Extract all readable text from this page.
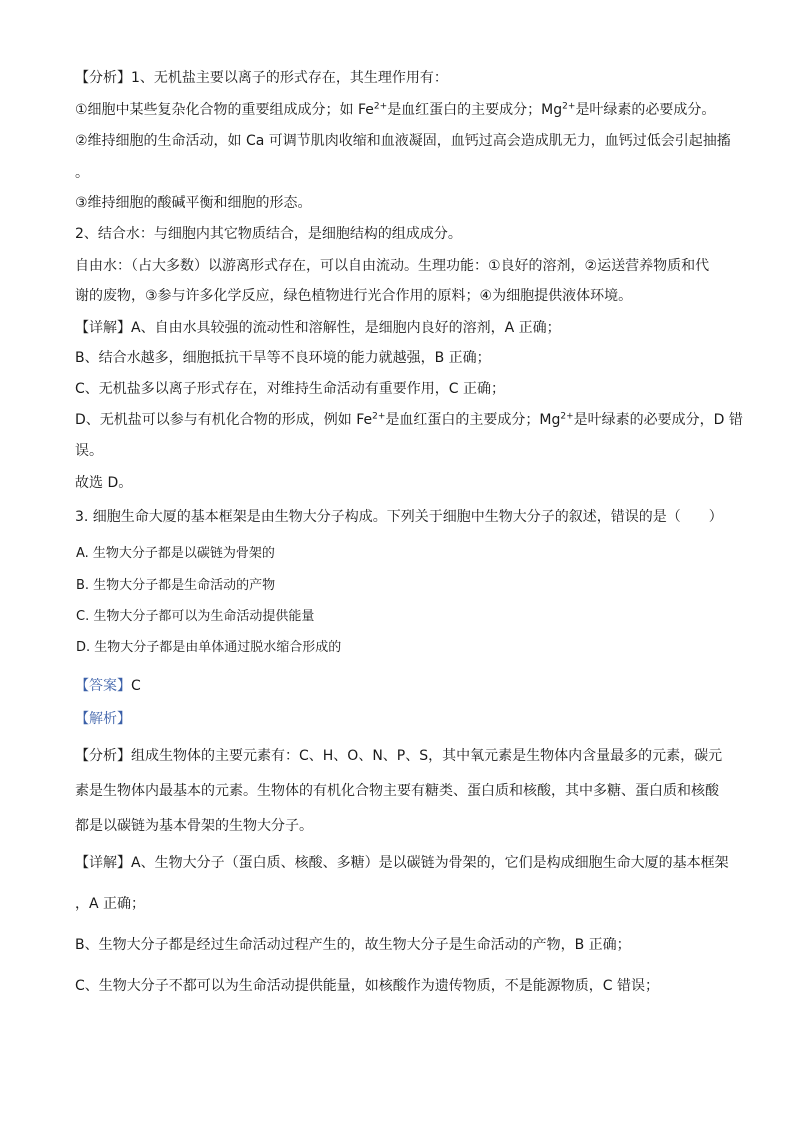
【分析】1、无机盐主要以离子的形式存在，其生理作用有：
①细胞中某些复杂化合物的重要组成成分；如 $Fe^{2+}$是血红蛋白的主要成分；$Mg^{2+}$是叶绿素的必要成分。
②维持细胞的生命活动，如 Ca 可调节肌肉收缩和血液凝固，血钙过高会造成肌无力，血钙过低会引起抽搐
。
③维持细胞的酸碱平衡和细胞的形态。
2、结合水：与细胞内其它物质结合，是细胞结构的组成成分。
自由水：（占大多数）以游离形式存在，可以自由流动。生理功能：①良好的溶剂，②运送营养物质和代
谢的废物，③参与许多化学反应，绿色植物进行光合作用的原料；④为细胞提供液体环境。
【详解】A、自由水具较强的流动性和溶解性，是细胞内良好的溶剂，A 正确；
B、结合水越多，细胞抵抗干旱等不良环境的能力就越强，B 正确；
C、无机盐多以离子形式存在，对维持生命活动有重要作用，C 正确；
D、无机盐可以参与有机化合物的形成，例如 $Fe^{2+}$是血红蛋白的主要成分；$Mg^{2+}$是叶绿素的必要成分，D 错
误。
故选 D。
3. 细胞生命大厦的基本框架是由生物大分子构成。下列关于细胞中生物大分子的叙述，错误的是（　　）
A. 生物大分子都是以碳链为骨架的
B. 生物大分子都是生命活动的产物
C. 生物大分子都可以为生命活动提供能量
D. 生物大分子都是由单体通过脱水缩合形成的
【答案】C
【解析】
【分析】组成生物体的主要元素有：C、H、O、N、P、S，其中氧元素是生物体内含量最多的元素，碳元
素是生物体内最基本的元素。生物体的有机化合物主要有糖类、蛋白质和核酸，其中多糖、蛋白质和核酸
都是以碳链为基本骨架的生物大分子。
【详解】A、生物大分子（蛋白质、核酸、多糖）是以碳链为骨架的，它们是构成细胞生命大厦的基本框架
，A 正确；
B、生物大分子都是经过生命活动过程产生的，故生物大分子是生命活动的产物，B 正确；
C、生物大分子不都可以为生命活动提供能量，如核酸作为遗传物质，不是能源物质，C 错误；
